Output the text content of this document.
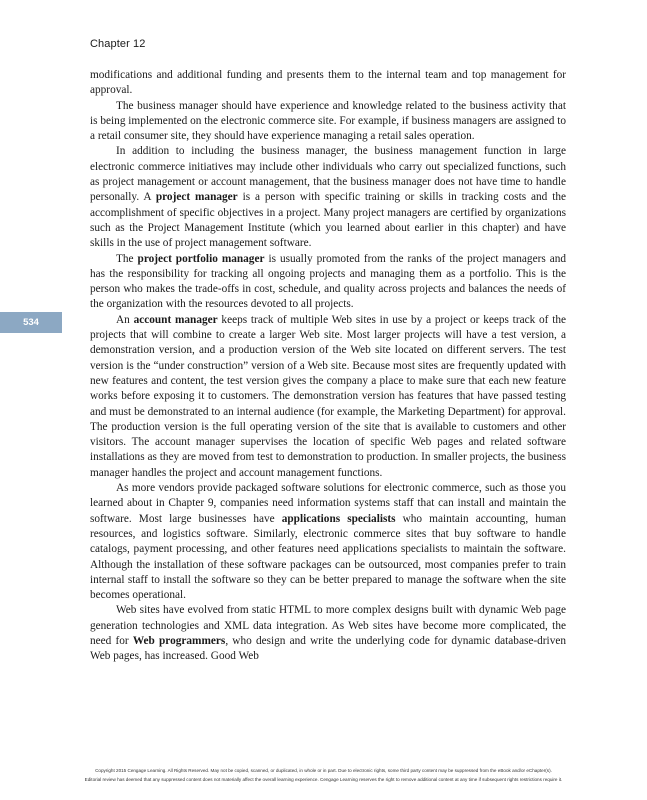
Chapter 12
534

modifications and additional funding and presents them to the internal team and top management for approval.

The business manager should have experience and knowledge related to the business activity that is being implemented on the electronic commerce site. For example, if business managers are assigned to a retail consumer site, they should have experience managing a retail sales operation.

In addition to including the business manager, the business management function in large electronic commerce initiatives may include other individuals who carry out specialized functions, such as project management or account management, that the business manager does not have time to handle personally. A project manager is a person with specific training or skills in tracking costs and the accomplishment of specific objectives in a project. Many project managers are certified by organizations such as the Project Management Institute (which you learned about earlier in this chapter) and have skills in the use of project management software.

The project portfolio manager is usually promoted from the ranks of the project managers and has the responsibility for tracking all ongoing projects and managing them as a portfolio. This is the person who makes the trade-offs in cost, schedule, and quality across projects and balances the needs of the organization with the resources devoted to all projects.

An account manager keeps track of multiple Web sites in use by a project or keeps track of the projects that will combine to create a larger Web site. Most larger projects will have a test version, a demonstration version, and a production version of the Web site located on different servers. The test version is the “under construction” version of a Web site. Because most sites are frequently updated with new features and content, the test version gives the company a place to make sure that each new feature works before exposing it to customers. The demonstration version has features that have passed testing and must be demonstrated to an internal audience (for example, the Marketing Department) for approval. The production version is the full operating version of the site that is available to customers and other visitors. The account manager supervises the location of specific Web pages and related software installations as they are moved from test to demonstration to production. In smaller projects, the business manager handles the project and account management functions.

As more vendors provide packaged software solutions for electronic commerce, such as those you learned about in Chapter 9, companies need information systems staff that can install and maintain the software. Most large businesses have applications specialists who maintain accounting, human resources, and logistics software. Similarly, electronic commerce sites that buy software to handle catalogs, payment processing, and other features need applications specialists to maintain the software. Although the installation of these software packages can be outsourced, most companies prefer to train internal staff to install the software so they can be better prepared to manage the software when the site becomes operational.

Web sites have evolved from static HTML to more complex designs built with dynamic Web page generation technologies and XML data integration. As Web sites have become more complicated, the need for Web programmers, who design and write the underlying code for dynamic database-driven Web pages, has increased. Good Web

Copyright 2015 Cengage Learning. All Rights Reserved. May not be copied, scanned, or duplicated, in whole or in part. Due to electronic rights, some third party content may be suppressed from the eBook and/or eChapter(s).
Editorial review has deemed that any suppressed content does not materially affect the overall learning experience. Cengage Learning reserves the right to remove additional content at any time if subsequent rights restrictions require it.
